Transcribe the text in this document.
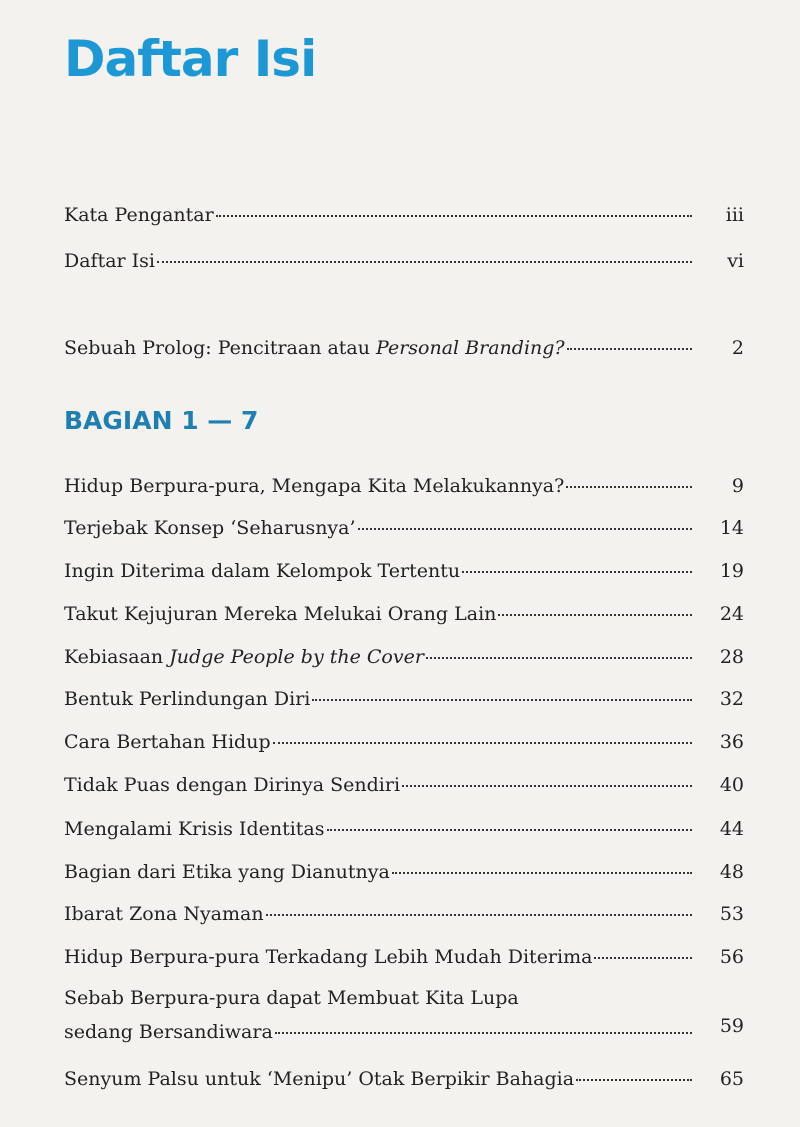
Daftar Isi
Kata Pengantar	iii
Daftar Isi	vi
Sebuah Prolog: Pencitraan atau Personal Branding?	2
BAGIAN 1 — 7
Hidup Berpura-pura, Mengapa Kita Melakukannya?	9
Terjebak Konsep ‘Seharusnya’	14
Ingin Diterima dalam Kelompok Tertentu	19
Takut Kejujuran Mereka Melukai Orang Lain	24
Kebiasaan Judge People by the Cover	28
Bentuk Perlindungan Diri	32
Cara Bertahan Hidup	36
Tidak Puas dengan Dirinya Sendiri	40
Mengalami Krisis Identitas	44
Bagian dari Etika yang Dianutnya	48
Ibarat Zona Nyaman	53
Hidup Berpura-pura Terkadang Lebih Mudah Diterima	56
Sebab Berpura-pura dapat Membuat Kita Lupa
sedang Bersandiwara	59
Senyum Palsu untuk ‘Menipu’ Otak Berpikir Bahagia	65
